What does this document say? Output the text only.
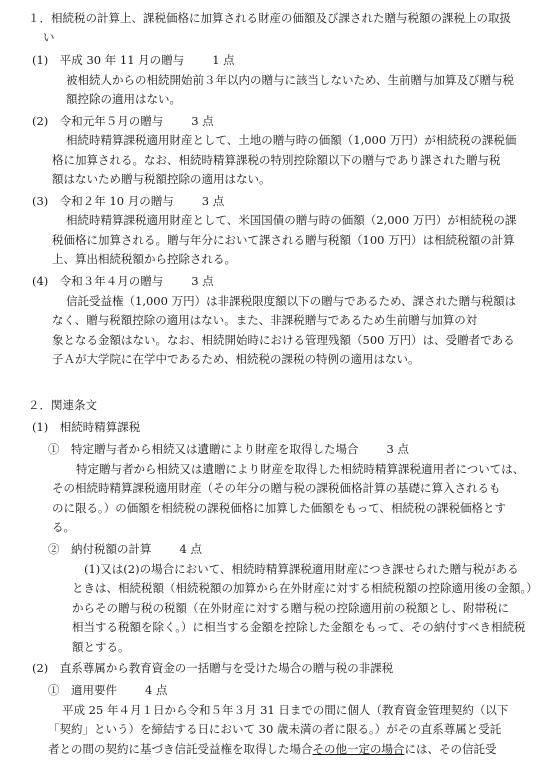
１．相続税の計算上、課税価格に加算される財産の価額及び課された贈与税額の課税上の取扱
い
(1)　平成 30 年 11 月の贈与 1 点
被相続人からの相続開始前３年以内の贈与に該当しないため、生前贈与加算及び贈与税
額控除の適用はない。
(2)　令和元年５月の贈与 3 点
相続時精算課税適用財産として、土地の贈与時の価額（1,000 万円）が相続税の課税価
格に加算される。なお、相続時精算課税の特別控除額以下の贈与であり課された贈与税
額はないため贈与税額控除の適用はない。
(3)　令和２年 10 月の贈与 3 点
相続時精算課税適用財産として、米国国債の贈与時の価額（2,000 万円）が相続税の課
税価格に加算される。贈与年分において課される贈与税額（100 万円）は相続税額の計算
上、算出相続税額から控除される。
(4)　令和３年４月の贈与 3 点
信託受益権（1,000 万円）は非課税限度額以下の贈与であるため、課された贈与税額は
なく、贈与税額控除の適用はない。また、非課税贈与であるため生前贈与加算の対
象となる金額はない。なお、相続開始時における管理残額（500 万円）は、受贈者である
子Ａが大学院に在学中であるため、相続税の課税の特例の適用はない。
２．関連条文
(1)　相続時精算課税
①　特定贈与者から相続又は遺贈により財産を取得した場合 3 点
特定贈与者から相続又は遺贈により財産を取得した相続時精算課税適用者については、
その相続時精算課税適用財産（その年分の贈与税の課税価格計算の基礎に算入されるも
のに限る。）の価額を相続税の課税価格に加算した価額をもって、相続税の課税価格とす
る。
②　納付税額の計算 4 点
(1)又は(2)の場合において、相続時精算課税適用財産につき課せられた贈与税がある
ときは、相続税額（相続税額の加算から在外財産に対する相続税額の控除適用後の金額。）
からその贈与税の税額（在外財産に対する贈与税の控除適用前の税額とし、附帯税に
相当する税額を除く。）に相当する金額を控除した金額をもって、その納付すべき相続税
額とする。
(2)　直系尊属から教育資金の一括贈与を受けた場合の贈与税の非課税
①　適用要件 4 点
平成 25 年４月１日から令和５年３月 31 日までの間に個人（教育資金管理契約（以下
「契約」という）を締結する日において 30 歳未満の者に限る。）がその直系尊属と受託
者との間の契約に基づき信託受益権を取得した場合その他一定の場合には、その信託受
